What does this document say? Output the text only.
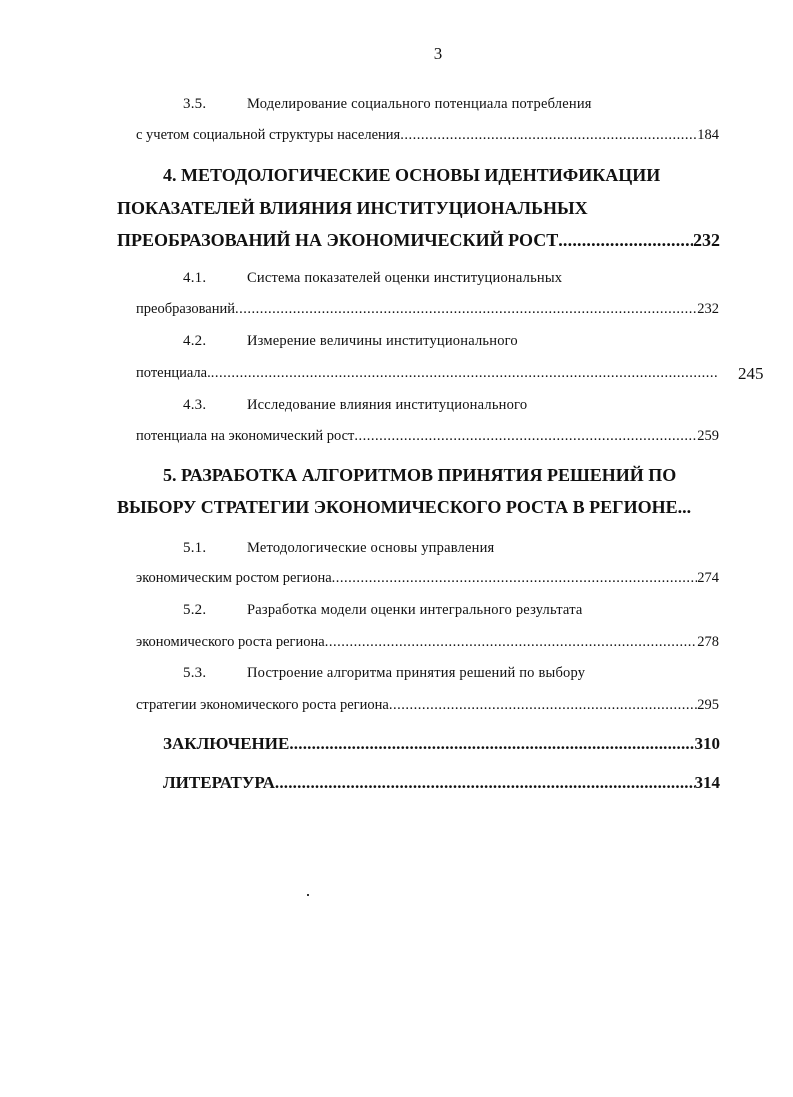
3
3.5.	Моделирование социального потенциала потребления
с учетом социальной структуры населения .....	184
4. МЕТОДОЛОГИЧЕСКИЕ ОСНОВЫ ИДЕНТИФИКАЦИИ
ПОКАЗАТЕЛЕЙ ВЛИЯНИЯ ИНСТИТУЦИОНАЛЬНЫХ
ПРЕОБРАЗОВАНИЙ НА ЭКОНОМИЧЕСКИЙ РОСТ .....	232
4.1.	Система показателей оценки институциональных
преобразований .....	232
4.2.	Измерение величины институционального
потенциала. .....	245
4.3.	Исследование влияния институционального
потенциала на экономический рост .....	259
5. РАЗРАБОТКА АЛГОРИТМОВ ПРИНЯТИЯ РЕШЕНИЙ ПО
ВЫБОРУ СТРАТЕГИИ ЭКОНОМИЧЕСКОГО РОСТА В РЕГИОНЕ...
5.1.	Методологические основы управления
экономическим ростом региона .....	274
5.2.	Разработка модели оценки интегрального результата
экономического роста региона .....	278
5.3.	Построение алгоритма принятия решений по выбору
стратегии экономического роста региона .....	295
ЗАКЛЮЧЕНИЕ .....	310
ЛИТЕРАТУРА .....	314
